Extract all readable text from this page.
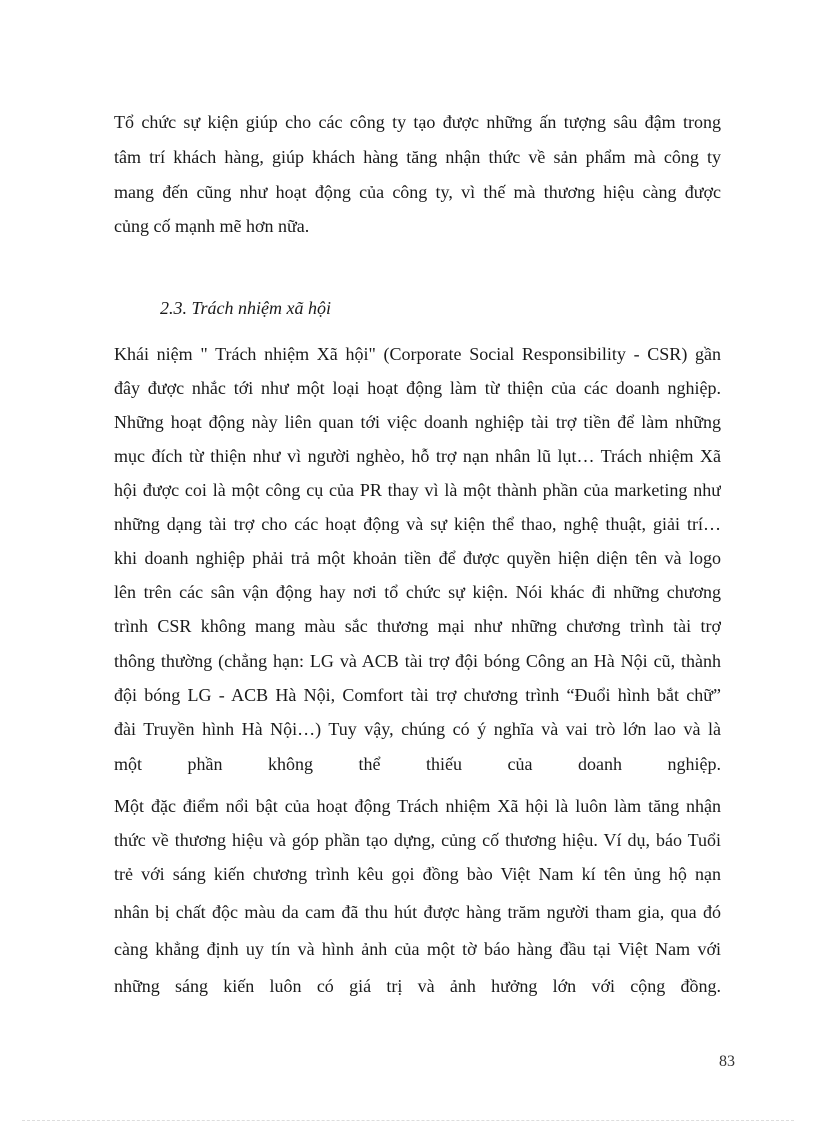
Tổ chức sự kiện giúp cho các công ty tạo được những ấn tượng sâu đậm trong
tâm trí khách hàng, giúp khách hàng tăng nhận thức về sản phẩm mà công ty
mang đến cũng như hoạt động của công ty, vì thế mà thương hiệu càng được
củng cố mạnh mẽ hơn nữa.
2.3. Trách nhiệm xã hội
Khái niệm " Trách nhiệm Xã hội" (Corporate Social Responsibility - CSR) gần
đây được nhắc tới như một loại hoạt động làm từ thiện của các doanh nghiệp.
Những hoạt động này liên quan tới việc doanh nghiệp tài trợ tiền để làm những
mục đích từ thiện như vì người nghèo, hỗ trợ nạn nhân lũ lụt… Trách nhiệm Xã
hội được coi là một công cụ của PR thay vì là một thành phần của marketing như
những dạng tài trợ cho các hoạt động và sự kiện thể thao, nghệ thuật, giải trí…
khi doanh nghiệp phải trả một khoản tiền để được quyền hiện diện tên và logo
lên trên các sân vận động hay nơi tổ chức sự kiện. Nói khác đi những chương
trình CSR không mang màu sắc thương mại như những chương trình tài trợ
thông thường (chẳng hạn: LG và ACB tài trợ đội bóng Công an Hà Nội cũ, thành
đội bóng LG - ACB Hà Nội, Comfort tài trợ chương trình “Đuổi hình bắt chữ”
đài Truyền hình Hà Nội…) Tuy vậy, chúng có ý nghĩa và vai trò lớn lao và là
một phần không thể thiếu của doanh nghiệp.
Một đặc điểm nổi bật của hoạt động Trách nhiệm Xã hội là luôn làm tăng nhận
thức về thương hiệu và góp phần tạo dựng, củng cố thương hiệu. Ví dụ, báo Tuổi
trẻ với sáng kiến chương trình kêu gọi đồng bào Việt Nam kí tên ủng hộ nạn
nhân bị chất độc màu da cam đã thu hút được hàng trăm người tham gia, qua đó
càng khẳng định uy tín và hình ảnh của một tờ báo hàng đầu tại Việt Nam với
những sáng kiến luôn có giá trị và ảnh hưởng lớn với cộng đồng.
83
